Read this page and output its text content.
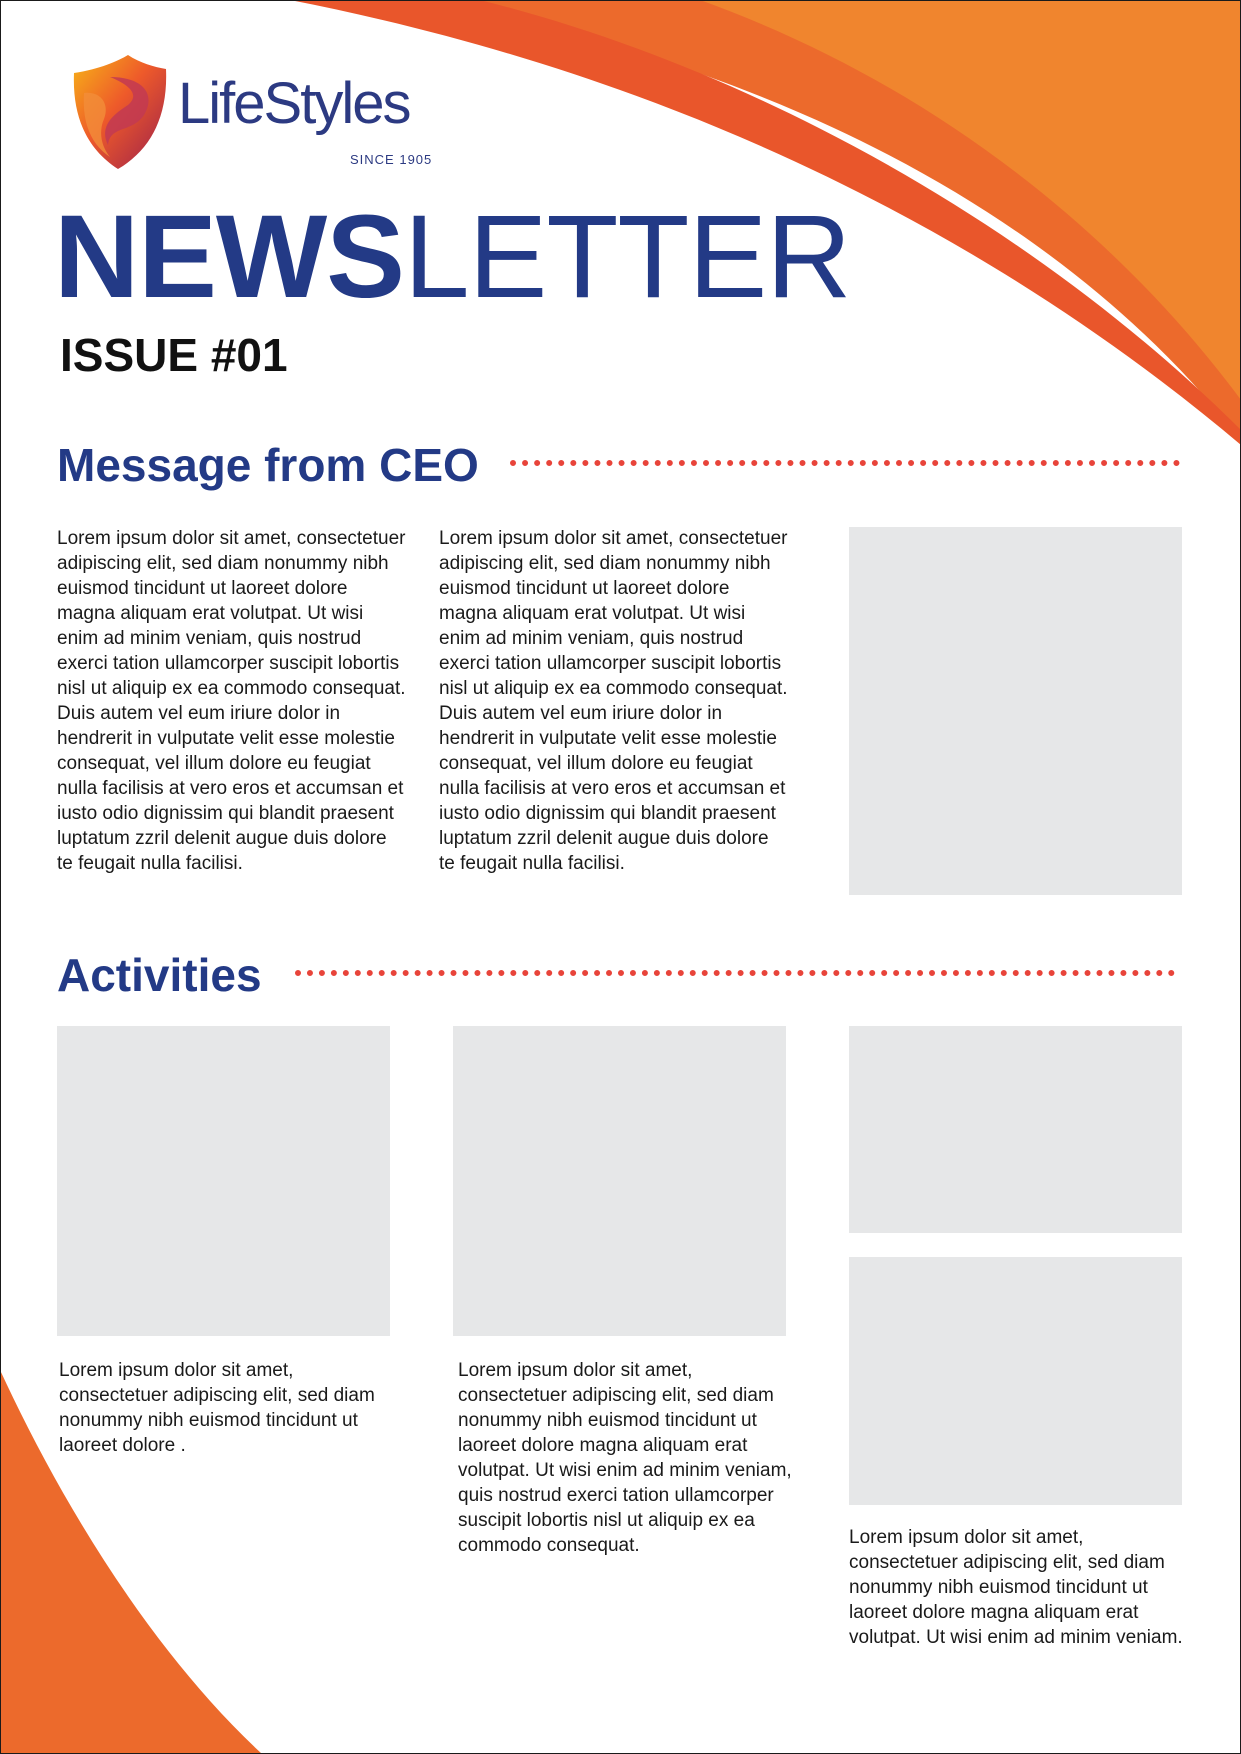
LifeStyles
SINCE 1905
NEWSLETTER
ISSUE #01
Message from CEO

Lorem ipsum dolor sit amet, consectetuer adipiscing elit, sed diam nonummy nibh euismod tincidunt ut laoreet dolore magna aliquam erat volutpat. Ut wisi enim ad minim veniam, quis nostrud exerci tation ullamcorper suscipit lobortis nisl ut aliquip ex ea commodo consequat. Duis autem vel eum iriure dolor in hendrerit in vulputate velit esse molestie consequat, vel illum dolore eu feugiat nulla facilisis at vero eros et accumsan et iusto odio dignissim qui blandit praesent luptatum zzril delenit augue duis dolore te feugait nulla facilisi.

Lorem ipsum dolor sit amet, consectetuer adipiscing elit, sed diam nonummy nibh euismod tincidunt ut laoreet dolore magna aliquam erat volutpat. Ut wisi enim ad minim veniam, quis nostrud exerci tation ullamcorper suscipit lobortis nisl ut aliquip ex ea commodo consequat. Duis autem vel eum iriure dolor in hendrerit in vulputate velit esse molestie consequat, vel illum dolore eu feugiat nulla facilisis at vero eros et accumsan et iusto odio dignissim qui blandit praesent luptatum zzril delenit augue duis dolore te feugait nulla facilisi.

Activities

Lorem ipsum dolor sit amet, consectetuer adipiscing elit, sed diam nonummy nibh euismod tincidunt ut laoreet dolore .

Lorem ipsum dolor sit amet, consectetuer adipiscing elit, sed diam nonummy nibh euismod tincidunt ut laoreet dolore magna aliquam erat volutpat. Ut wisi enim ad minim veniam, quis nostrud exerci tation ullamcorper suscipit lobortis nisl ut aliquip ex ea commodo consequat.	Lorem ipsum dolor sit amet, consectetuer adipiscing elit, sed diam nonummy nibh euismod tincidunt ut laoreet dolore magna aliquam erat volutpat. Ut wisi enim ad minim veniam.
